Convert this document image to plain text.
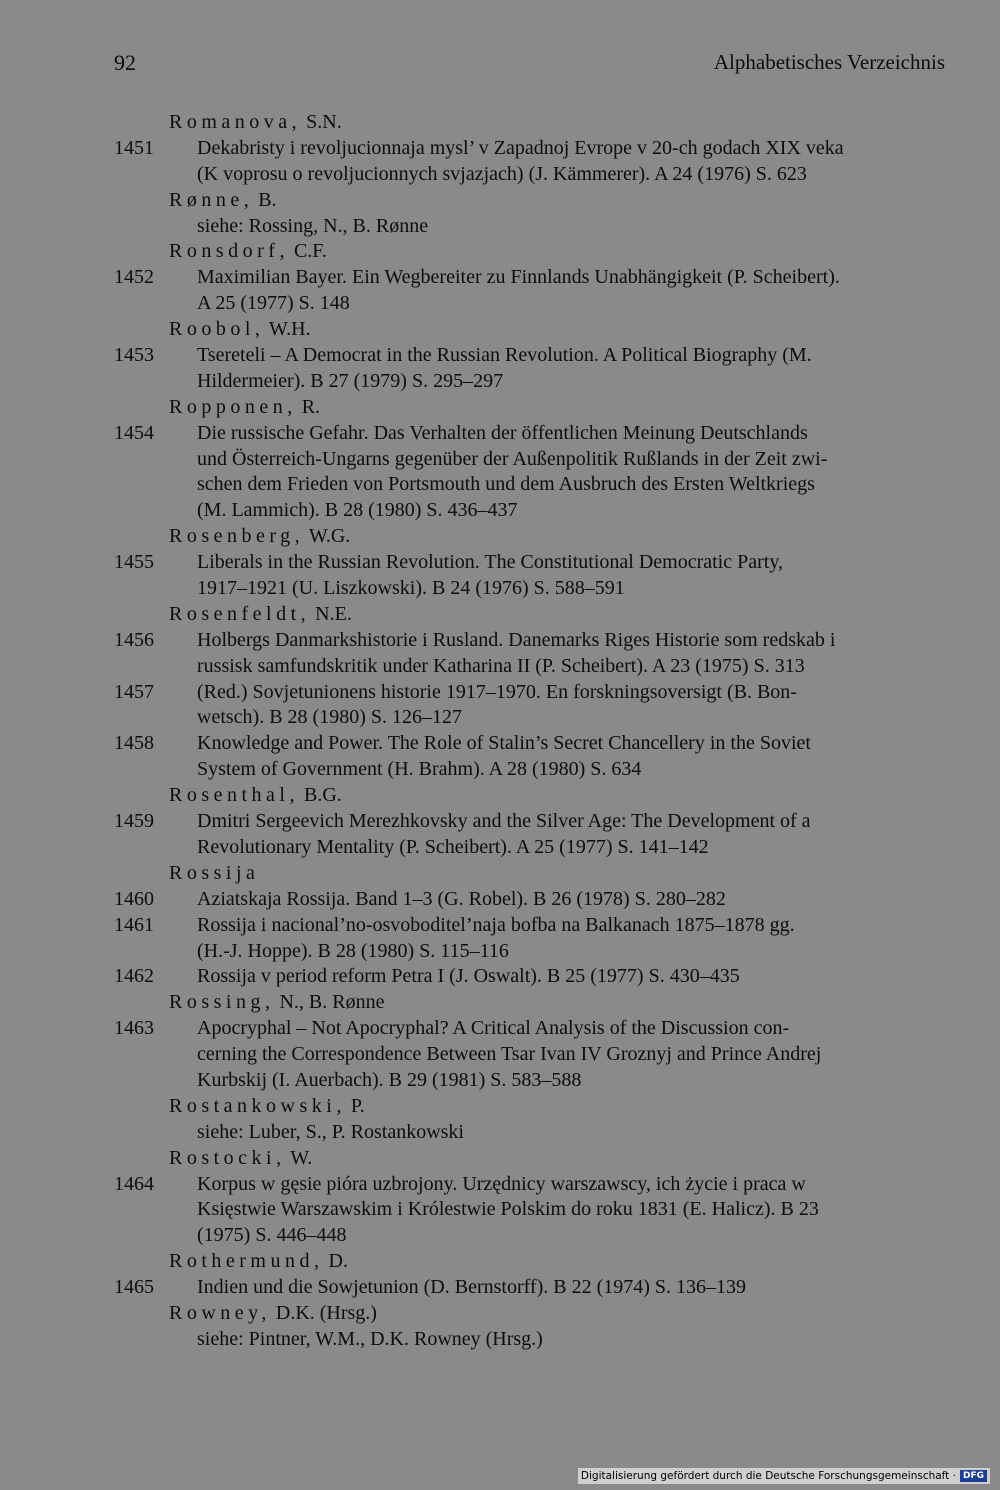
92	Alphabetisches Verzeichnis
Romanova, S.N.
1451 Dekabristy i revoljucionnaja mysl’ v Zapadnoj Evrope v 20-ch godach XIX veka
(K voprosu o revoljucionnych svjazjach) (J. Kämmerer). A 24 (1976) S. 623
Rønne, B.
siehe: Rossing, N., B. Rønne
Ronsdorf, C.F.
1452 Maximilian Bayer. Ein Wegbereiter zu Finnlands Unabhängigkeit (P. Scheibert).
A 25 (1977) S. 148
Roobol, W.H.
1453 Tsereteli – A Democrat in the Russian Revolution. A Political Biography (M.
Hildermeier). B 27 (1979) S. 295–297
Ropponen, R.
1454 Die russische Gefahr. Das Verhalten der öffentlichen Meinung Deutschlands
und Österreich-Ungarns gegenüber der Außenpolitik Rußlands in der Zeit zwi-
schen dem Frieden von Portsmouth und dem Ausbruch des Ersten Weltkriegs
(M. Lammich). B 28 (1980) S. 436–437
Rosenberg, W.G.
1455 Liberals in the Russian Revolution. The Constitutional Democratic Party,
1917–1921 (U. Liszkowski). B 24 (1976) S. 588–591
Rosenfeldt, N.E.
1456 Holbergs Danmarkshistorie i Rusland. Danemarks Riges Historie som redskab i
russisk samfundskritik under Katharina II (P. Scheibert). A 23 (1975) S. 313
1457 (Red.) Sovjetunionens historie 1917–1970. En forskningsoversigt (B. Bon-
wetsch). B 28 (1980) S. 126–127
1458 Knowledge and Power. The Role of Stalin’s Secret Chancellery in the Soviet
System of Government (H. Brahm). A 28 (1980) S. 634
Rosenthal, B.G.
1459 Dmitri Sergeevich Merezhkovsky and the Silver Age: The Development of a
Revolutionary Mentality (P. Scheibert). A 25 (1977) S. 141–142
Rossija
1460 Aziatskaja Rossija. Band 1–3 (G. Robel). B 26 (1978) S. 280–282
1461 Rossija i nacional’no-osvoboditel’naja bofba na Balkanach 1875–1878 gg.
(H.-J. Hoppe). B 28 (1980) S. 115–116
1462 Rossija v period reform Petra I (J. Oswalt). B 25 (1977) S. 430–435
Rossing, N., B. Rønne
1463 Apocryphal – Not Apocryphal? A Critical Analysis of the Discussion con-
cerning the Correspondence Between Tsar Ivan IV Groznyj and Prince Andrej
Kurbskij (I. Auerbach). B 29 (1981) S. 583–588
Rostankowski, P.
siehe: Luber, S., P. Rostankowski
Rostocki, W.
1464 Korpus w gęsie pióra uzbrojony. Urzędnicy warszawscy, ich życie i praca w
Księstwie Warszawskim i Królestwie Polskim do roku 1831 (E. Halicz). B 23
(1975) S. 446–448
Rothermund, D.
1465 Indien und die Sowjetunion (D. Bernstorff). B 22 (1974) S. 136–139
Rowney, D.K. (Hrsg.)
siehe: Pintner, W.M., D.K. Rowney (Hrsg.)
Digitalisierung gefördert durch die Deutsche Forschungsgemeinschaft · DFG
